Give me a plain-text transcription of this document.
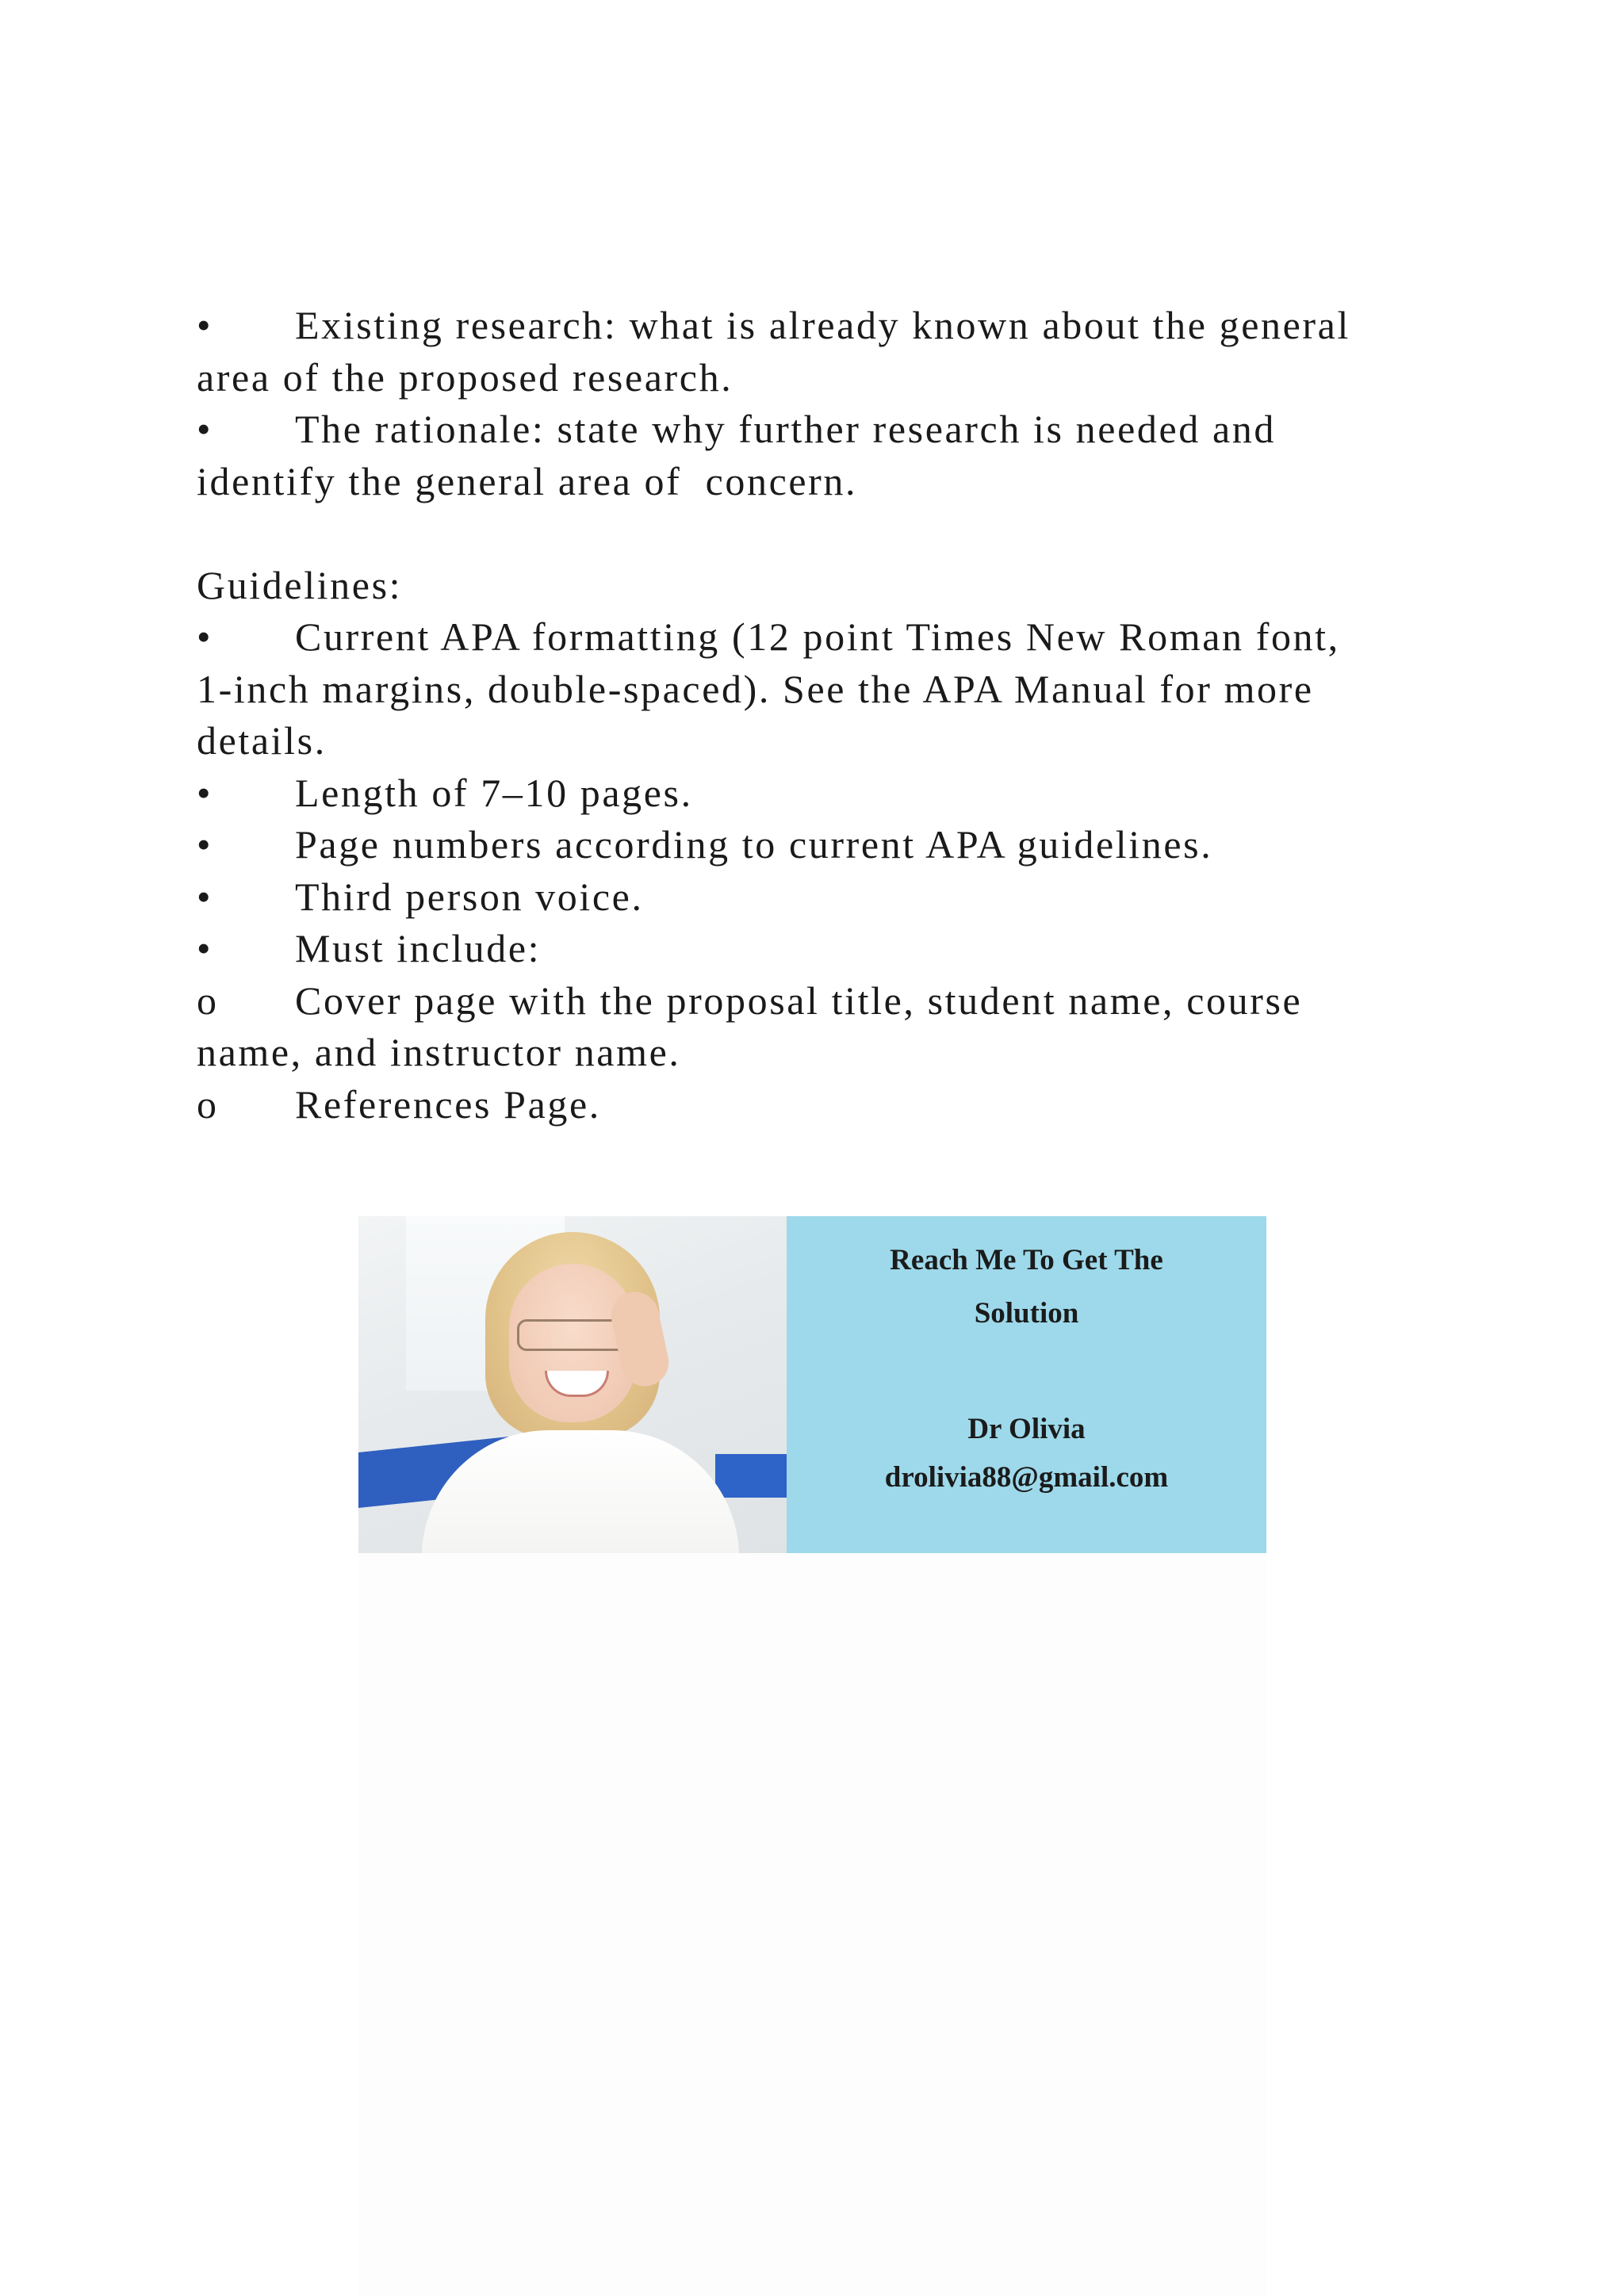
• Existing research: what is already known about the general
area of the proposed research.
• The rationale: state why further research is needed and
identify the general area of  concern.
Guidelines:
• Current APA formatting (12 point Times New Roman font,
1-inch margins, double-spaced). See the APA Manual for more
details.
• Length of 7–10 pages.
• Page numbers according to current APA guidelines.
• Third person voice.
• Must include:
o Cover page with the proposal title, student name, course
name, and instructor name.
o References Page.
Reach Me To Get The
Solution
Dr Olivia
drolivia88@gmail.com
